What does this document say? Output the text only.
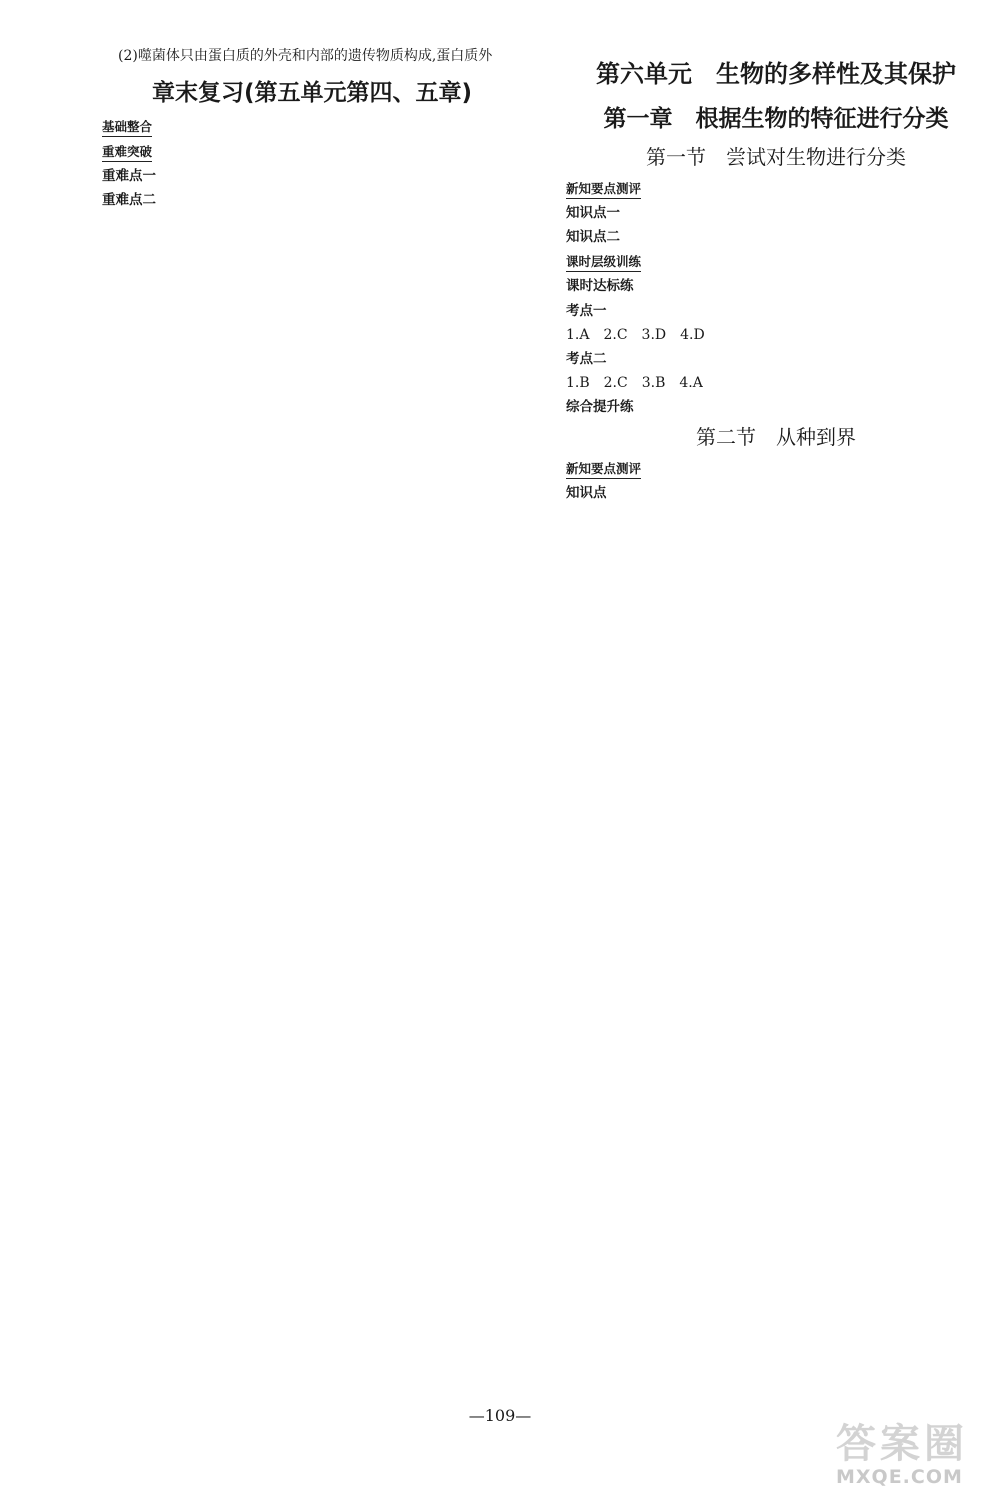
(2)噬菌体只由蛋白质的外壳和内部的遗传物质构成,蛋白质外
章末复习(第五单元第四、五章)
基础整合
重难突破
重难点一
重难点二
第六单元　生物的多样性及其保护
第一章　根据生物的特征进行分类
第一节　尝试对生物进行分类
新知要点测评
知识点一
知识点二
课时层级训练
课时达标练
考点一
1.A　2.C　3.D　4.D
考点二
1.B　2.C　3.B　4.A
综合提升练
第二节　从种到界
新知要点测评
知识点
—109—
答案圈
MXQE.COM
